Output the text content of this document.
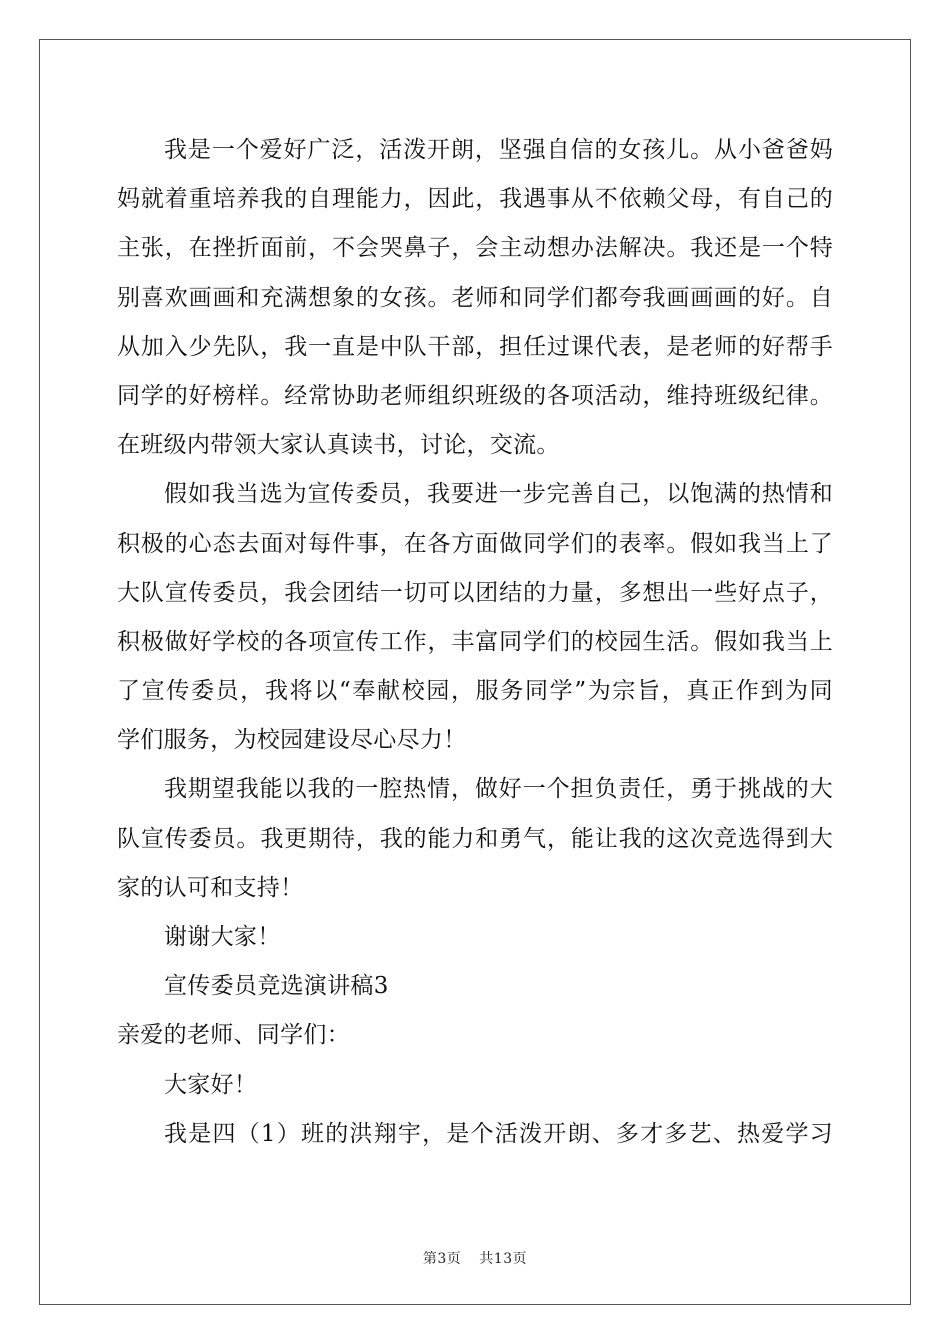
我是一个爱好广泛，活泼开朗，坚强自信的女孩儿。从小爸爸妈
妈就着重培养我的自理能力，因此，我遇事从不依赖父母，有自己的
主张，在挫折面前，不会哭鼻子，会主动想办法解决。我还是一个特
别喜欢画画和充满想象的女孩。老师和同学们都夸我画画画的好。自
从加入少先队，我一直是中队干部，担任过课代表，是老师的好帮手
同学的好榜样。经常协助老师组织班级的各项活动，维持班级纪律。
在班级内带领大家认真读书，讨论，交流。
假如我当选为宣传委员，我要进一步完善自己，以饱满的热情和
积极的心态去面对每件事，在各方面做同学们的表率。假如我当上了
大队宣传委员，我会团结一切可以团结的力量，多想出一些好点子，
积极做好学校的各项宣传工作，丰富同学们的校园生活。假如我当上
了宣传委员，我将以“奉献校园，服务同学”为宗旨，真正作到为同
学们服务，为校园建设尽心尽力！
我期望我能以我的一腔热情，做好一个担负责任，勇于挑战的大
队宣传委员。我更期待，我的能力和勇气，能让我的这次竞选得到大
家的认可和支持！
谢谢大家！
宣传委员竞选演讲稿3
亲爱的老师、同学们：
大家好！
我是四（1）班的洪翔宇，是个活泼开朗、多才多艺、热爱学习
第3页 共13页
